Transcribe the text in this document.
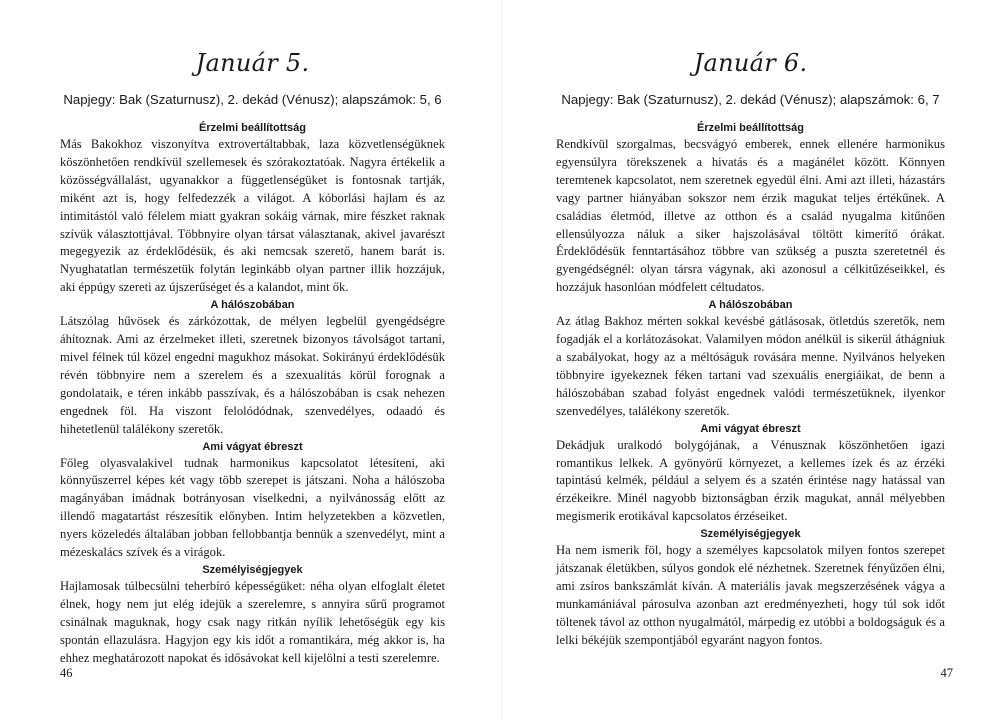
Január 5.
Napjegy: Bak (Szaturnusz), 2. dekád (Vénusz); alapszámok: 5, 6
Érzelmi beállítottság

Más Bakokhoz viszonyítva extrovertáltabbak, laza közvetlenségüknek köszönhetően rendkívül szellemesek és szórakoztatóak. Nagyra értékelik a közösségvállalást, ugyanakkor a függetlenségüket is fontosnak tartják, miként azt is, hogy felfedezzék a világot. A kóborlási hajlam és az intimitástól való félelem miatt gyakran sokáig várnak, mire fészket raknak szívük választottjával. Többnyire olyan társat választanak, akivel javarészt megegyezik az érdeklődésük, és aki nemcsak szerető, hanem barát is. Nyughatatlan természetük folytán leginkább olyan partner illik hozzájuk, aki éppúgy szereti az újszerűséget és a kalandot, mint ők.

A hálószobában

Látszólag hűvösek és zárkózottak, de mélyen legbelül gyengédségre áhítoznak. Ami az érzelmeket illeti, szeretnek bizonyos távolságot tartani, mivel félnek túl közel engedni magukhoz másokat. Sokirányú érdeklődésük révén többnyire nem a szerelem és a szexualitás körül forognak a gondolataik, e téren inkább passzívak, és a hálószobában is csak nehezen engednek föl. Ha viszont felolódódnak, szenvedélyes, odaadó és hihetetlenül találékony szeretők.

Ami vágyat ébreszt

Főleg olyasvalakivel tudnak harmonikus kapcsolatot létesíteni, aki könnyűszerrel képes két vagy több szerepet is játszani. Noha a hálószoba magányában imádnak botrányosan viselkedni, a nyilvánosság előtt az illendő magatartást részesítik előnyben. Intim helyzetekben a közvetlen, nyers közeledés általában jobban fellobbantja bennük a szenvedélyt, mint a mézeskalács szívek és a virágok.

Személyiségjegyek

Hajlamosak túlbecsülni teherbíró képességüket: néha olyan elfoglalt életet élnek, hogy nem jut elég idejük a szerelemre, s annyira sűrű programot csinálnak maguknak, hogy csak nagy ritkán nyílik lehetőségük egy kis spontán ellazulásra. Hagyjon egy kis időt a romantikára, még akkor is, ha ehhez meghatározott napokat és idősávokat kell kijelölni a testi szerelemre.

46
Január 6.
Napjegy: Bak (Szaturnusz), 2. dekád (Vénusz); alapszámok: 6, 7
Érzelmi beállítottság

Rendkívül szorgalmas, becsvágyó emberek, ennek ellenére harmonikus egyensúlyra törekszenek a hivatás és a magánélet között. Könnyen teremtenek kapcsolatot, nem szeretnek egyedül élni. Ami azt illeti, házastárs vagy partner hiányában sokszor nem érzik magukat teljes értékűnek. A családias életmód, illetve az otthon és a család nyugalma kitűnően ellensúlyozza náluk a siker hajszolásával töltött kimerítő órákat. Érdeklődésük fenntartásához többre van szükség a puszta szeretetnél és gyengédségnél: olyan társra vágynak, aki azonosul a célkitűzéseikkel, és hozzájuk hasonlóan módfelett céltudatos.

A hálószobában

Az átlag Bakhoz mérten sokkal kevésbé gátlásosak, ötletdús szeretők, nem fogadják el a korlátozásokat. Valamilyen módon anélkül is sikerül áthágniuk a szabályokat, hogy az a méltóságuk rovására menne. Nyilvános helyeken többnyire igyekeznek féken tartani vad szexuális energiáikat, de benn a hálószobában szabad folyást engednek valódi természetüknek, ilyenkor szenvedélyes, találékony szeretők.

Ami vágyat ébreszt

Dekádjuk uralkodó bolygójának, a Vénusznak köszönhetően igazi romantikus lelkek. A gyönyörű környezet, a kellemes ízek és az érzéki tapintású kelmék, például a selyem és a szatén érintése nagy hatással van érzékeikre. Minél nagyobb biztonságban érzik magukat, annál mélyebben megismerik erotikával kapcsolatos érzéseiket.

Személyiségjegyek

Ha nem ismerik föl, hogy a személyes kapcsolatok milyen fontos szerepet játszanak életükben, súlyos gondok elé nézhetnek. Szeretnek fényűzően élni, ami zsíros bankszámlát kíván. A materiális javak megszerzésének vágya a munkamániával párosulva azonban azt eredményezheti, hogy túl sok időt töltenek távol az otthon nyugalmától, márpedig ez utóbbi a boldogságuk és a lelki békéjük szempontjából egyaránt nagyon fontos.

47
